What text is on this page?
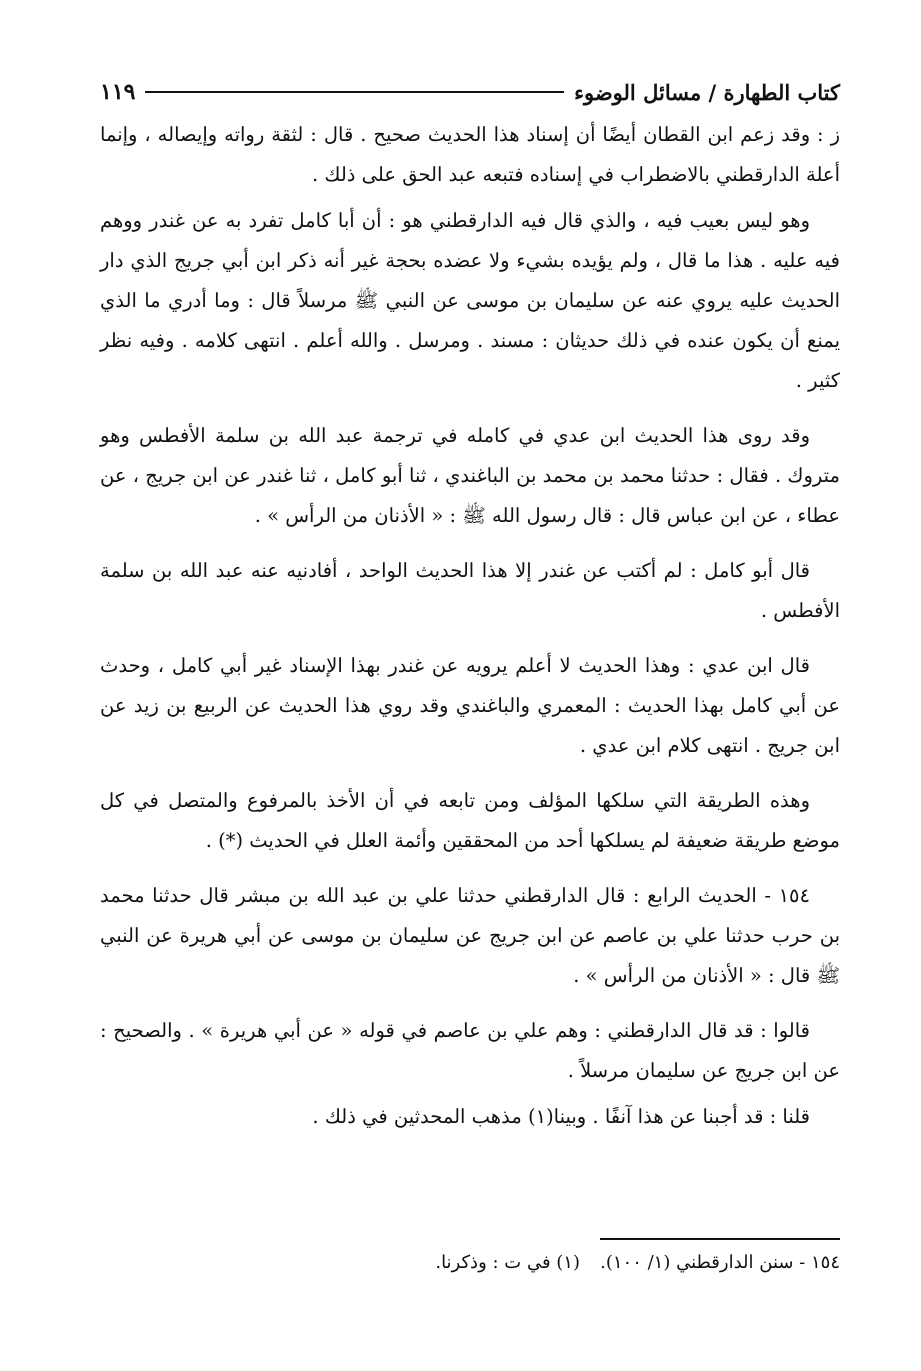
كتاب الطهارة / مسائل الوضوء
١١٩

ز : وقد زعم ابن القطان أيضًا أن إسناد هذا الحديث صحيح . قال : لثقة رواته وإيصاله ، وإنما أعلة الدارقطني بالاضطراب في إسناده فتبعه عبد الحق على ذلك .

وهو ليس بعيب فيه ، والذي قال فيه الدارقطني هو : أن أبا كامل تفرد به عن غندر ووهم فيه عليه . هذا ما قال ، ولم يؤيده بشيء ولا عضده بحجة غير أنه ذكر ابن أبي جريج الذي دار الحديث عليه يروي عنه عن سليمان بن موسى عن النبي ﷺ مرسلاً قال : وما أدري ما الذي يمنع أن يكون عنده في ذلك حديثان : مسند . ومرسل . والله أعلم . انتهى كلامه . وفيه نظر كثير .

وقد روى هذا الحديث ابن عدي في كامله في ترجمة عبد الله بن سلمة الأفطس وهو متروك . فقال : حدثنا محمد بن محمد بن الباغندي ، ثنا أبو كامل ، ثنا غندر عن ابن جريج ، عن عطاء ، عن ابن عباس قال : قال رسول الله ﷺ : « الأذنان من الرأس » .

قال أبو كامل : لم أكتب عن غندر إلا هذا الحديث الواحد ، أفادنيه عنه عبد الله بن سلمة الأفطس .

قال ابن عدي : وهذا الحديث لا أعلم يرويه عن غندر بهذا الإسناد غير أبي كامل ، وحدث عن أبي كامل بهذا الحديث : المعمري والباغندي وقد روي هذا الحديث عن الربيع بن زيد عن ابن جريج . انتهى كلام ابن عدي .

وهذه الطريقة التي سلكها المؤلف ومن تابعه في أن الأخذ بالمرفوع والمتصل في كل موضع طريقة ضعيفة لم يسلكها أحد من المحققين وأئمة العلل في الحديث (*) .

١٥٤ - الحديث الرابع : قال الدارقطني حدثنا علي بن عبد الله بن مبشر قال حدثنا محمد بن حرب حدثنا علي بن عاصم عن ابن جريج عن سليمان بن موسى عن أبي هريرة عن النبي ﷺ قال : « الأذنان من الرأس » .

قالوا : قد قال الدارقطني : وهم علي بن عاصم في قوله « عن أبي هريرة » . والصحيح : عن ابن جريج عن سليمان مرسلاً .

قلنا : قد أجبنا عن هذا آنفًا . وبينا(١) مذهب المحدثين في ذلك .

١٥٤ - سنن الدارقطني (١/ ١٠٠).
(١) في ت : وذكرنا.
